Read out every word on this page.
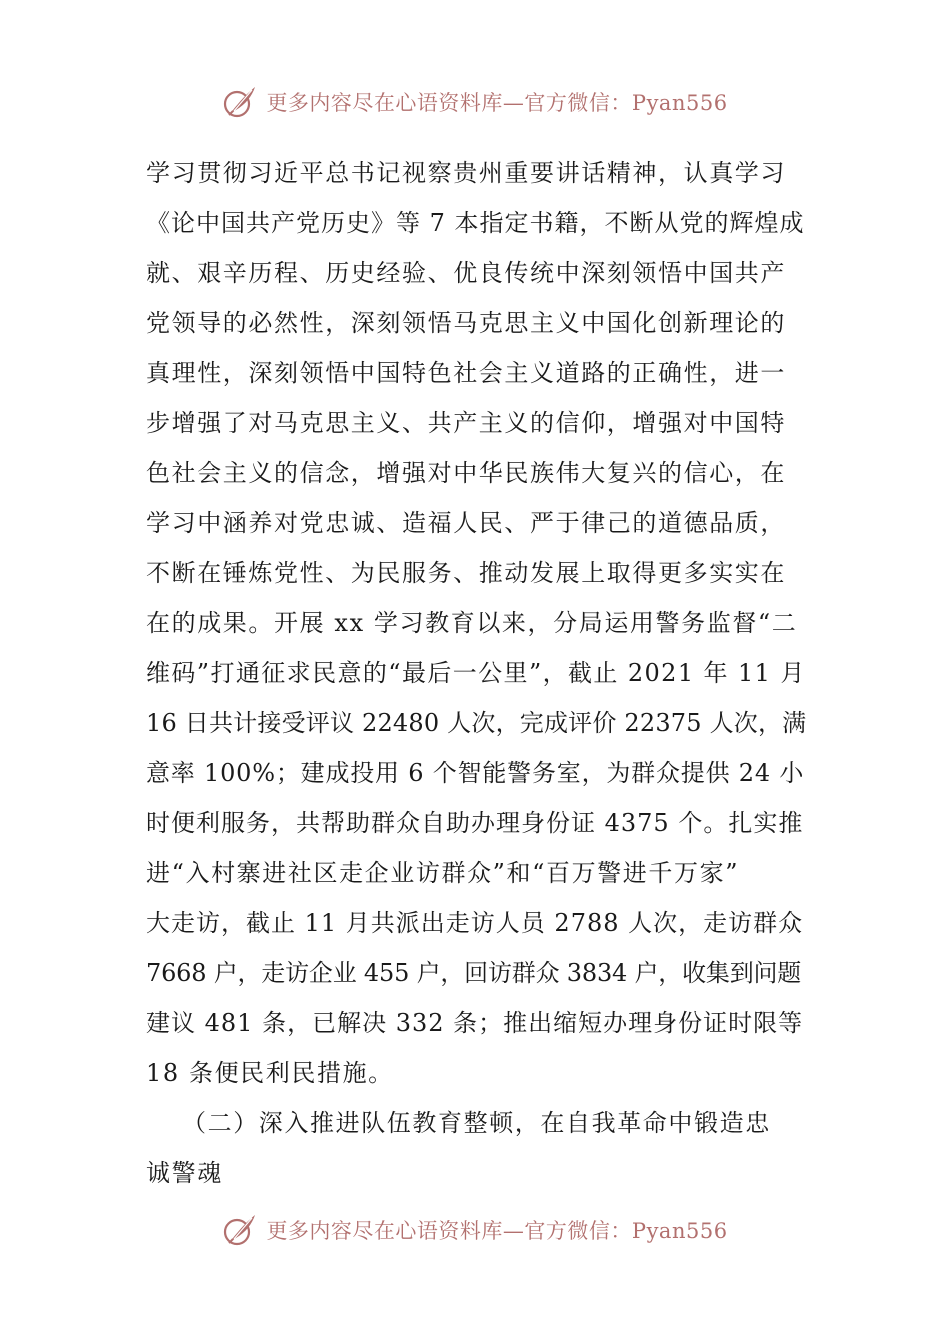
更多内容尽在心语资料库—官方微信：Pyan556
学习贯彻习近平总书记视察贵州重要讲话精神，认真学习
《论中国共产党历史》等 7 本指定书籍，不断从党的辉煌成
就、艰辛历程、历史经验、优良传统中深刻领悟中国共产
党领导的必然性，深刻领悟马克思主义中国化创新理论的
真理性，深刻领悟中国特色社会主义道路的正确性，进一
步增强了对马克思主义、共产主义的信仰，增强对中国特
色社会主义的信念，增强对中华民族伟大复兴的信心，在
学习中涵养对党忠诚、造福人民、严于律己的道德品质，
不断在锤炼党性、为民服务、推动发展上取得更多实实在
在的成果。开展 xx 学习教育以来，分局运用警务监督“二
维码”打通征求民意的“最后一公里”，截止 2021 年 11 月
16 日共计接受评议 22480 人次，完成评价 22375 人次，满
意率 100%；建成投用 6 个智能警务室，为群众提供 24 小
时便利服务，共帮助群众自助办理身份证 4375 个。扎实推
进“入村寨进社区走企业访群众”和“百万警进千万家”
大走访，截止 11 月共派出走访人员 2788 人次，走访群众
7668 户，走访企业 455 户，回访群众 3834 户，收集到问题
建议 481 条，已解决 332 条；推出缩短办理身份证时限等
18 条便民利民措施。
（二）深入推进队伍教育整顿，在自我革命中锻造忠
诚警魂
更多内容尽在心语资料库—官方微信：Pyan556
